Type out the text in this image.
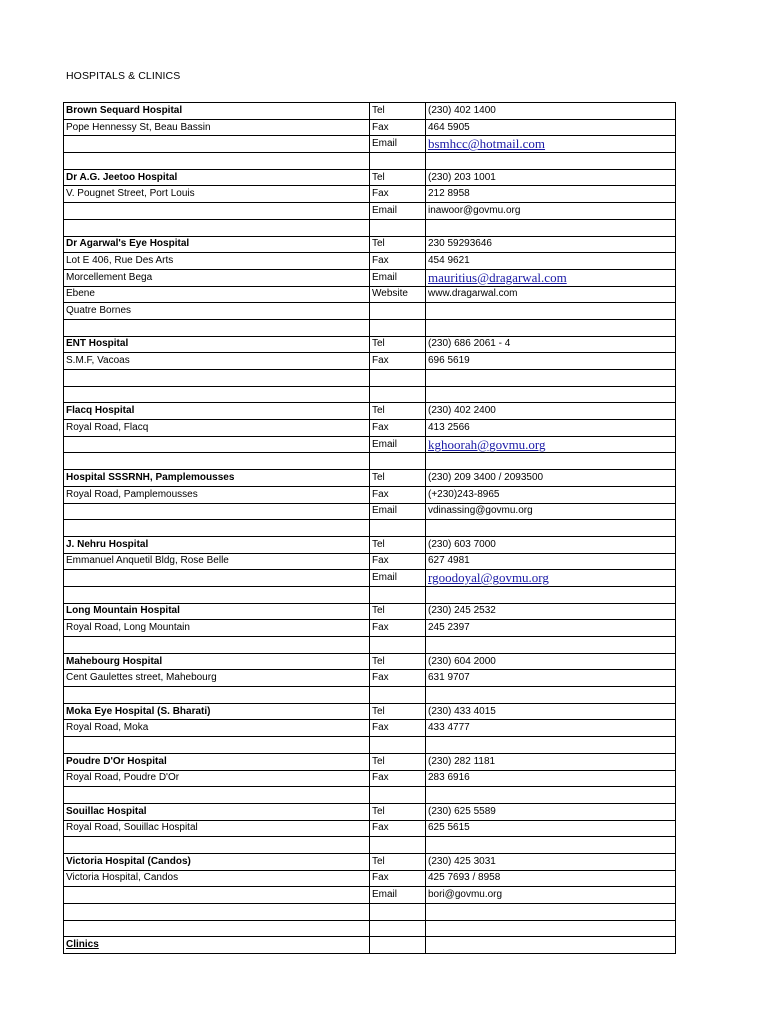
HOSPITALS & CLINICS
Brown Sequard Hospital	Tel	(230) 402 1400
Pope Hennessy St, Beau Bassin	Fax	464 5905
	Email	bsmhcc@hotmail.com

Dr A.G. Jeetoo Hospital	Tel	(230) 203 1001
V. Pougnet Street, Port Louis	Fax	212 8958
	Email	inawoor@govmu.org

Dr Agarwal's Eye Hospital	Tel	230 59293646
Lot E 406, Rue Des Arts	Fax	454 9621
Morcellement Bega	Email	mauritius@dragarwal.com
Ebene	Website	www.dragarwal.com
Quatre Bornes		

ENT Hospital	Tel	(230) 686 2061 - 4
S.M.F, Vacoas	Fax	696 5619

Flacq Hospital	Tel	(230) 402 2400
Royal Road, Flacq	Fax	413 2566
	Email	kghoorah@govmu.org

Hospital SSSRNH, Pamplemousses	Tel	(230) 209 3400 / 2093500
Royal Road, Pamplemousses	Fax	(+230)243-8965
	Email	vdinassing@govmu.org

J. Nehru Hospital	Tel	(230) 603 7000
Emmanuel Anquetil Bldg, Rose Belle	Fax	627 4981
	Email	rgoodoyal@govmu.org

Long Mountain Hospital	Tel	(230) 245 2532
Royal Road, Long Mountain	Fax	245 2397

Mahebourg Hospital	Tel	(230) 604 2000
Cent Gaulettes street, Mahebourg	Fax	631 9707

Moka Eye Hospital (S. Bharati)	Tel	(230) 433 4015
Royal Road, Moka	Fax	433 4777

Poudre D'Or Hospital	Tel	(230) 282 1181
Royal Road, Poudre D'Or	Fax	283 6916

Souillac Hospital	Tel	(230) 625 5589
Royal Road, Souillac Hospital	Fax	625 5615

Victoria Hospital (Candos)	Tel	(230) 425 3031
Victoria Hospital, Candos	Fax	425 7693 / 8958
	Email	bori@govmu.org

Clinics		
